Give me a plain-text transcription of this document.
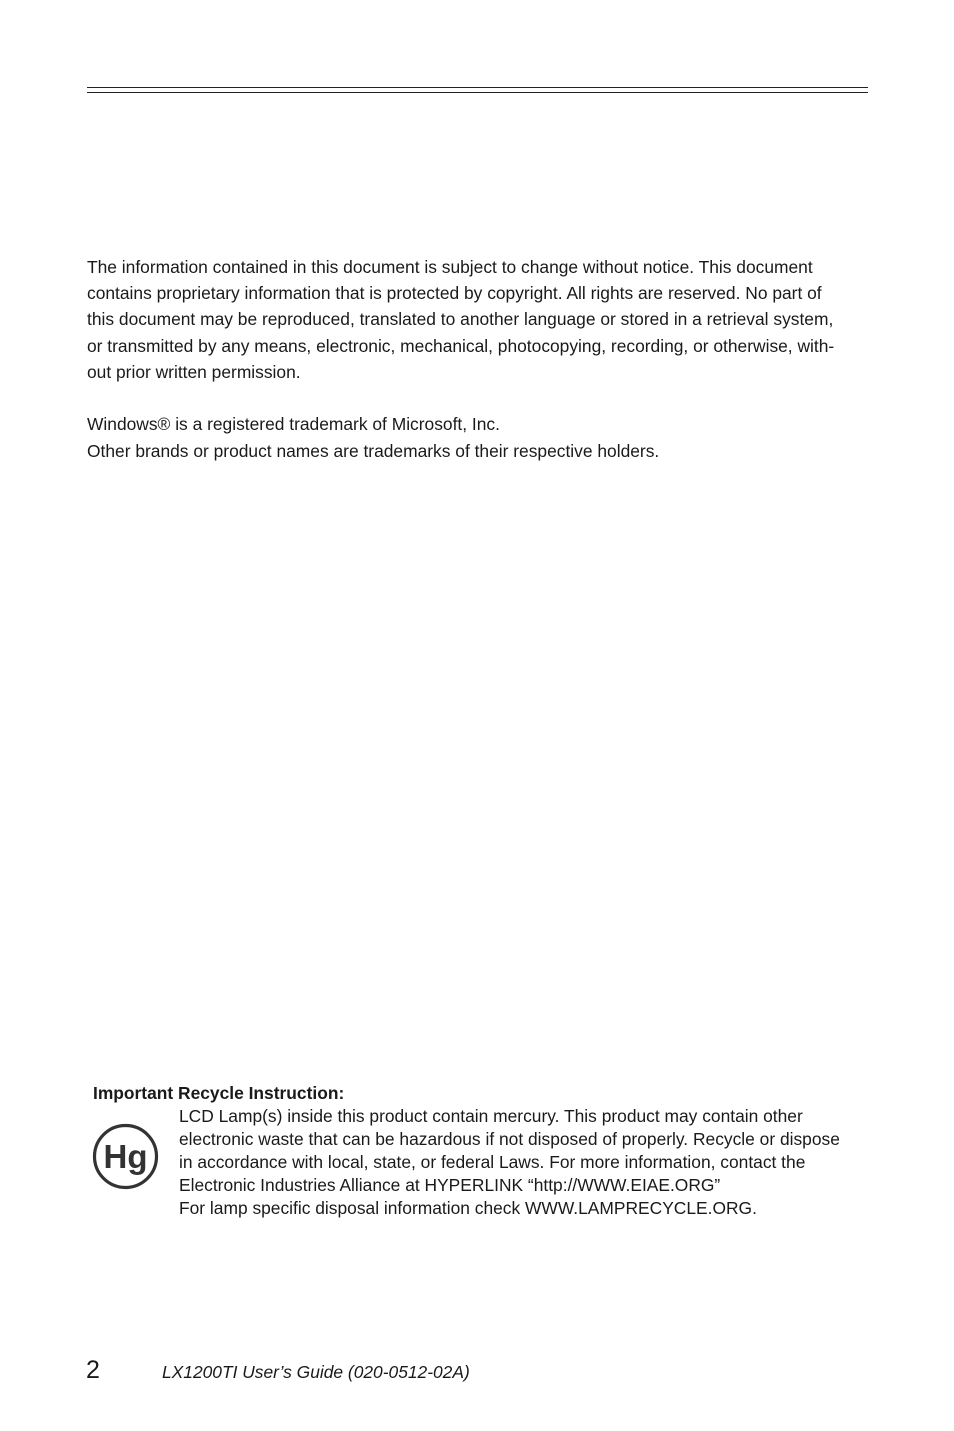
The information contained in this document is subject to change without notice. This document
contains proprietary information that is protected by copyright. All rights are reserved. No part of
this document may be reproduced, translated to another language or stored in a retrieval system,
or transmitted by any means, electronic, mechanical, photocopying, recording, or otherwise, with-
out prior written permission.

Windows® is a registered trademark of Microsoft, Inc.
Other brands or product names are trademarks of their respective holders.

Important Recycle Instruction:

Hg

LCD Lamp(s) inside this product contain mercury. This product may contain other
electronic waste that can be hazardous if not disposed of properly. Recycle or dispose
in accordance with local, state, or federal Laws. For more information, contact the
Electronic Industries Alliance at HYPERLINK “http://WWW.EIAE.ORG”
For lamp specific disposal information check WWW.LAMPRECYCLE.ORG.

2	LX1200TI User’s Guide (020-0512-02A)
